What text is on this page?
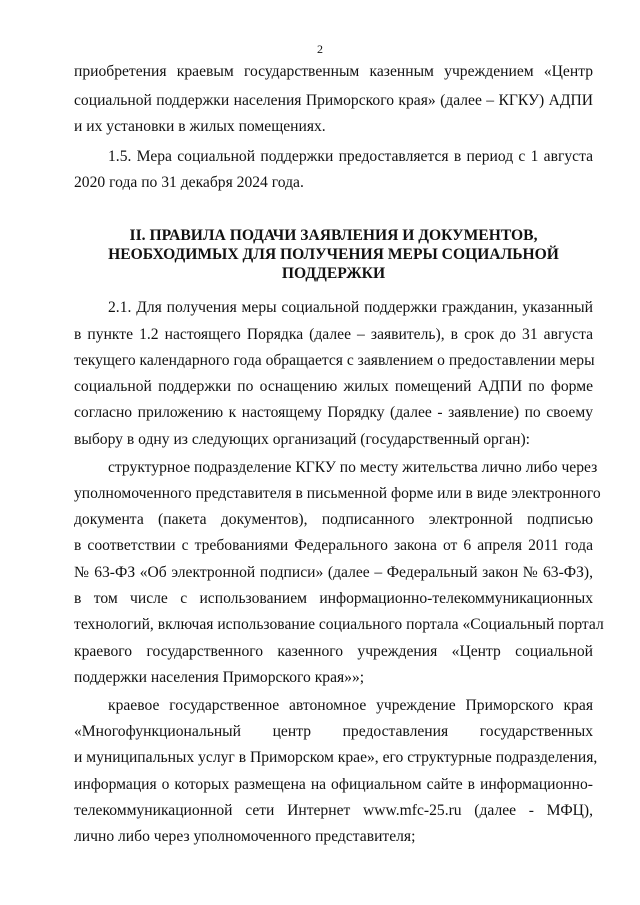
2
II. ПРАВИЛА ПОДАЧИ ЗАЯВЛЕНИЯ И ДОКУМЕНТОВ,
НЕОБХОДИМЫХ ДЛЯ ПОЛУЧЕНИЯ МЕРЫ СОЦИАЛЬНОЙ
ПОДДЕРЖКИ
приобретения краевым государственным казенным учреждением «Центр
социальной поддержки населения Приморского края» (далее – КГКУ) АДПИ
и их установки в жилых помещениях.
1.5. Мера социальной поддержки предоставляется в период с 1 августа
2020 года по 31 декабря 2024 года.
2.1. Для получения меры социальной поддержки гражданин, указанный
в пункте 1.2 настоящего Порядка (далее – заявитель), в срок до 31 августа
текущего календарного года обращается с заявлением о предоставлении меры
социальной поддержки по оснащению жилых помещений АДПИ по форме
согласно приложению к настоящему Порядку (далее - заявление) по своему
выбору в одну из следующих организаций (государственный орган):
структурное подразделение КГКУ по месту жительства лично либо через
уполномоченного представителя в письменной форме или в виде электронного
документа (пакета документов), подписанного электронной подписью
в соответствии с требованиями Федерального закона от 6 апреля 2011 года
№ 63-ФЗ «Об электронной подписи» (далее – Федеральный закон № 63-ФЗ),
в том числе с использованием информационно-телекоммуникационных
технологий, включая использование социального портала «Социальный портал
краевого государственного казенного учреждения «Центр социальной
поддержки населения Приморского края»»;
краевое государственное автономное учреждение Приморского края
«Многофункциональный центр предоставления государственных
и муниципальных услуг в Приморском крае», его структурные подразделения,
информация о которых размещена на официальном сайте в информационно-
телекоммуникационной сети Интернет www.mfc-25.ru (далее - МФЦ),
лично либо через уполномоченного представителя;
